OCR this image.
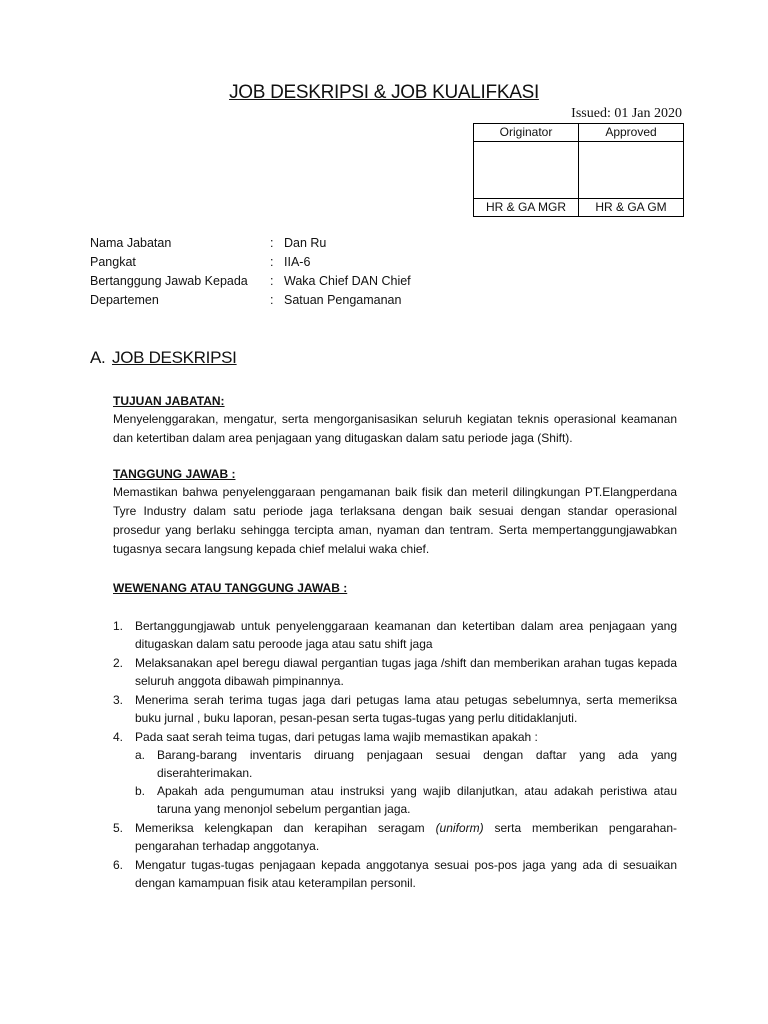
JOB DESKRIPSI & JOB KUALIFKASI
Issued: 01 Jan 2020
Originator	Approved

HR & GA MGR	HR & GA GM
Nama Jabatan	: Dan Ru
Pangkat	: IIA-6
Bertanggung Jawab Kepada	: Waka Chief DAN Chief
Departemen	: Satuan Pengamanan
A. JOB DESKRIPSI
TUJUAN JABATAN:
Menyelenggarakan, mengatur, serta mengorganisasikan seluruh kegiatan teknis operasional keamanan dan ketertiban dalam area penjagaan yang ditugaskan dalam satu periode jaga (Shift).
TANGGUNG JAWAB :
Memastikan bahwa penyelenggaraan pengamanan baik fisik dan meteril dilingkungan PT.Elangperdana Tyre Industry dalam satu periode jaga terlaksana dengan baik sesuai dengan standar operasional prosedur yang berlaku sehingga tercipta aman, nyaman dan tentram. Serta mempertanggungjawabkan tugasnya secara langsung kepada chief melalui waka chief.
WEWENANG ATAU TANGGUNG JAWAB :
1. Bertanggungjawab untuk penyelenggaraan keamanan dan ketertiban dalam area penjagaan yang ditugaskan dalam satu peroode jaga atau satu shift jaga
2. Melaksanakan apel beregu diawal pergantian tugas jaga /shift dan memberikan arahan tugas kepada seluruh anggota dibawah pimpinannya.
3. Menerima serah terima tugas jaga dari petugas lama atau petugas sebelumnya, serta memeriksa buku jurnal , buku laporan, pesan-pesan serta tugas-tugas yang perlu ditidaklanjuti.
4. Pada saat serah teima tugas, dari petugas lama wajib memastikan apakah :
a. Barang-barang inventaris diruang penjagaan sesuai dengan daftar yang ada yang diserahterimakan.
b. Apakah ada pengumuman atau instruksi yang wajib dilanjutkan, atau adakah peristiwa atau taruna yang menonjol sebelum pergantian jaga.
5. Memeriksa kelengkapan dan kerapihan seragam (uniform) serta memberikan pengarahan-pengarahan terhadap anggotanya.
6. Mengatur tugas-tugas penjagaan kepada anggotanya sesuai pos-pos jaga yang ada di sesuaikan dengan kamampuan fisik atau keterampilan personil.
